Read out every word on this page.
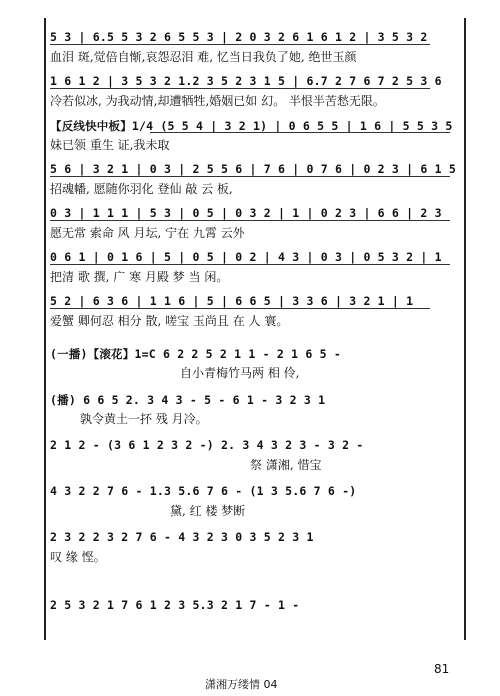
5 3 | 6.5 5 3 2 6 5 5 3 | 2 0 3 2 6 1 6 1 2 | 3 5 3 2
血泪 斑,觉倍自惭,哀怨忍泪 难, 忆当日我负了她, 绝世玉颜
1 6 1 2 | 3 5 3 2 1.2 3 5 2 3 1 5 | 6.7 2 7 6 7 2 5 3 6
冷若似冰, 为我动情,却遭牺牲,婚姻已如 幻。 半恨半苦愁无限。
【反线快中板】1/4 (5 5 4 | 3 2 1) | 0 6 5 5 | 1 6 | 5 5 3 5
妹已领 重生 证,我未取
5 6 | 3 2 1 | 0 3 | 2 5 5 6 | 7 6 | 0 7 6 | 0 2 3 | 6 1 5
招魂幡, 愿随你羽化 登仙 敲 云 板,
0 3 | 1 1 1 | 5 3 | 0 5 | 0 3 2 | 1 | 0 2 3 | 6 6 | 2 3
愿无常 索命 风 月坛, 宁在 九霄 云外
0 6 1 | 0 1 6 | 5 | 0 5 | 0 2 | 4 3 | 0 3 | 0 5 3 2 | 1
把清 歌 撰, 广 寒 月殿 梦 当 闲。
5 2 | 6 3 6 | 1 1 6 | 5 | 6 6 5 | 3 3 6 | 3 2 1 | 1
爱蟹 卿何忍 相分 散, 嗟宝 玉尚且 在 人 寰。
(一播)【滚花】1=C 6 2 2 5 2 1 1 - 2 1 6 5 -
自小青梅竹马两 相 伶,
(播) 6 6 5 2. 3 4 3 - 5 - 6 1 - 3 2 3 1
孰令黄土一抔 残 月冷。
2 1 2 - (3 6 1 2 3 2 -) 2. 3 4 3 2 3 - 3 2 -
祭 潇湘, 惜宝
4 3 2 2 7 6 - 1.3 5.6 7 6 - (1 3 5.6 7 6 -)
黛, 红 楼 梦断
2 3 2 2 3 2 7 6 - 4 3 2 3 0 3 5 2 3 1
叹 缘 悭。
2 5 3 2 1 7 6 1 2 3 5.3 2 1 7 - 1 -
81
潇湘万缕情 04
